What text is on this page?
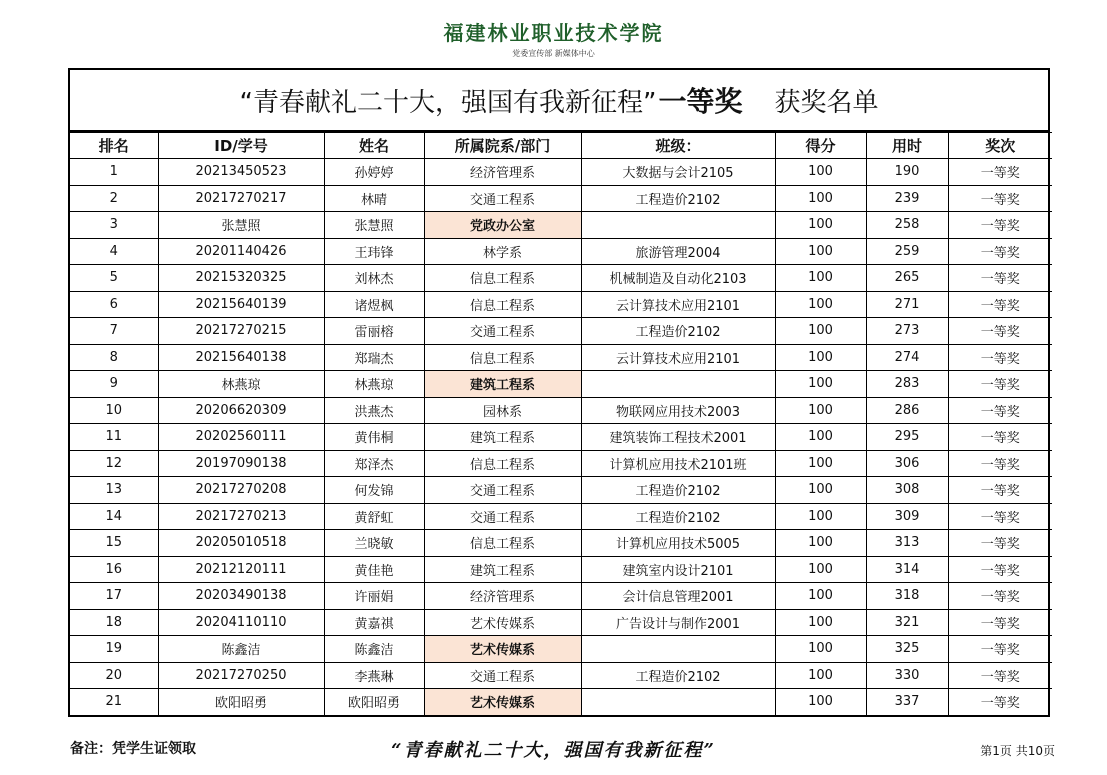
福建林业职业技术学院
党委宣传部 新媒体中心
“青春献礼二十大，强国有我新征程” 一等奖 获奖名单
排名	ID/学号	姓名	所属院系/部门	班级：	得分	用时	奖次
1	20213450523	孙婷婷	经济管理系	大数据与会计2105	100	190	一等奖
2	20217270217	林晴	交通工程系	工程造价2102	100	239	一等奖
3	张慧照	张慧照	党政办公室		100	258	一等奖
4	20201140426	王玮锋	林学系	旅游管理2004	100	259	一等奖
5	20215320325	刘林杰	信息工程系	机械制造及自动化2103	100	265	一等奖
6	20215640139	诸煜枫	信息工程系	云计算技术应用2101	100	271	一等奖
7	20217270215	雷丽榕	交通工程系	工程造价2102	100	273	一等奖
8	20215640138	郑瑞杰	信息工程系	云计算技术应用2101	100	274	一等奖
9	林燕琼	林燕琼	建筑工程系		100	283	一等奖
10	20206620309	洪燕杰	园林系	物联网应用技术2003	100	286	一等奖
11	20202560111	黄伟桐	建筑工程系	建筑装饰工程技术2001	100	295	一等奖
12	20197090138	郑泽杰	信息工程系	计算机应用技术2101班	100	306	一等奖
13	20217270208	何发锦	交通工程系	工程造价2102	100	308	一等奖
14	20217270213	黄舒虹	交通工程系	工程造价2102	100	309	一等奖
15	20205010518	兰晓敏	信息工程系	计算机应用技术5005	100	313	一等奖
16	20212120111	黄佳艳	建筑工程系	建筑室内设计2101	100	314	一等奖
17	20203490138	许丽娟	经济管理系	会计信息管理2001	100	318	一等奖
18	20204110110	黄嘉祺	艺术传媒系	广告设计与制作2001	100	321	一等奖
19	陈鑫洁	陈鑫洁	艺术传媒系		100	325	一等奖
20	20217270250	李燕琳	交通工程系	工程造价2102	100	330	一等奖
21	欧阳昭勇	欧阳昭勇	艺术传媒系		100	337	一等奖
备注：凭学生证领取	“青春献礼二十大，强国有我新征程”	第1页 共10页
